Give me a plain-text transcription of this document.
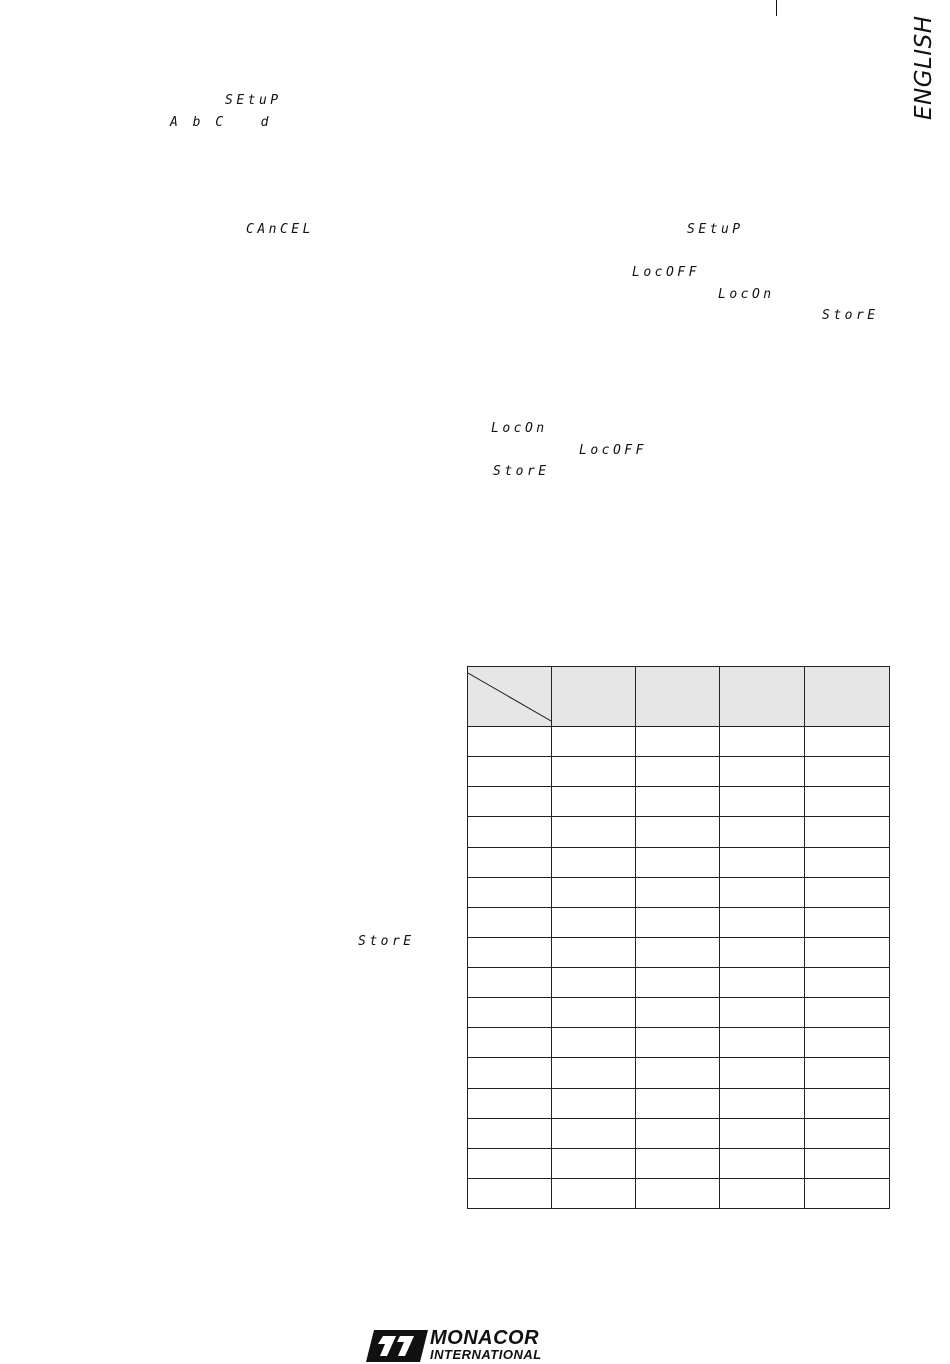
ENGLISH
SEtuP
A b C   d
CAnCEL	SEtuP
LocOFF
LocOn
StorE
LocOn
LocOFF
StorE
StorE

MONACOR
INTERNATIONAL
